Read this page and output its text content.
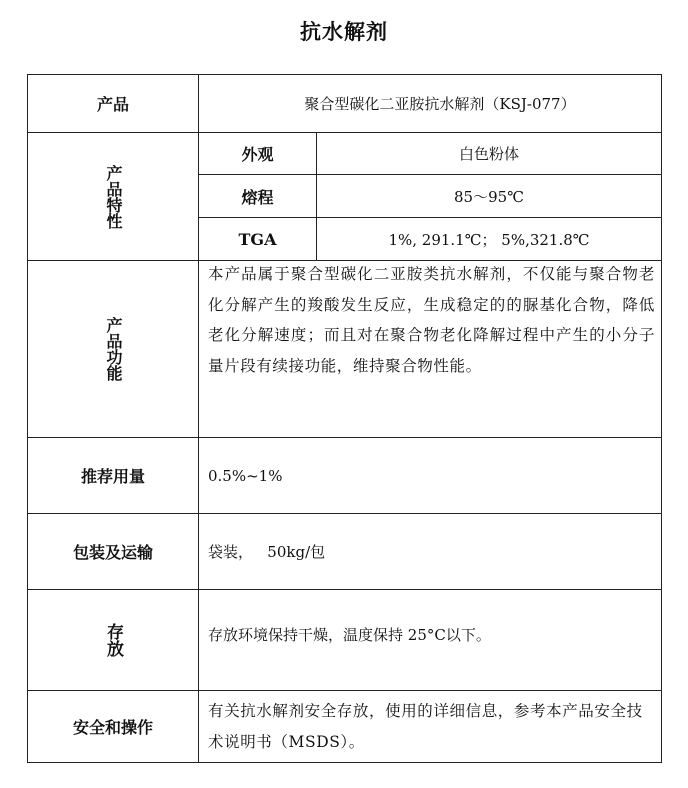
抗水解剂
产品	聚合型碳化二亚胺抗水解剂（KSJ-077）	

产品特性	外观	白色粉体
	熔程	85～95℃
	TGA	1%, 291.1℃； 5%,321.8℃

产品功能	本产品属于聚合型碳化二亚胺类抗水解剂，不仅能与聚合物老化分解产生的羧酸发生反应，生成稳定的的脲基化合物，降低老化分解速度；而且对在聚合物老化降解过程中产生的小分子量片段有续接功能，维持聚合物性能。	

推荐用量	0.5%~1%	
包装及运输	袋装，   50kg/包	

存放	存放环境保持干燥，温度保持 25°C以下。	
安全和操作	有关抗水解剂安全存放，使用的详细信息，参考本产品安全技术说明书（MSDS）。	
